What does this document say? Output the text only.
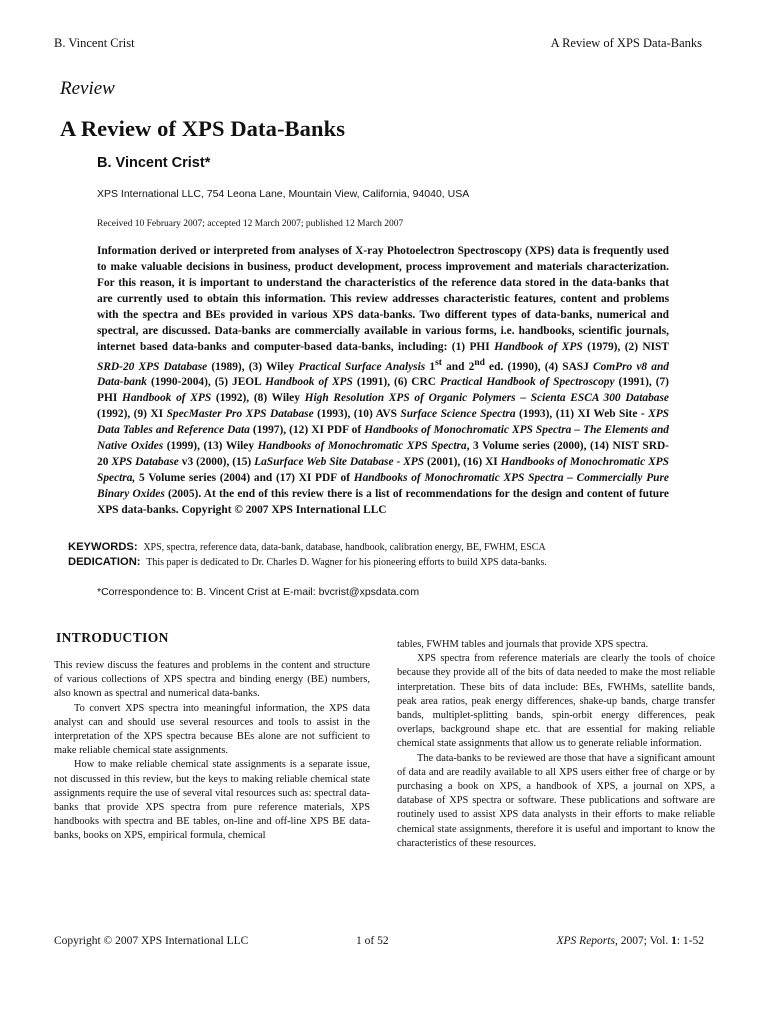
B. Vincent Crist	A Review of XPS Data-Banks
Review
A Review of XPS Data-Banks
B. Vincent Crist*
XPS International LLC, 754 Leona Lane, Mountain View, California, 94040, USA
Received 10 February 2007; accepted 12 March 2007; published 12 March 2007
Information derived or interpreted from analyses of X-ray Photoelectron Spectroscopy (XPS) data is frequently used to make valuable decisions in business, product development, process improvement and materials characterization. For this reason, it is important to understand the characteristics of the reference data stored in the data-banks that are currently used to obtain this information. This review addresses characteristic features, content and problems with the spectra and BEs provided in various XPS data-banks. Two different types of data-banks, numerical and spectral, are discussed. Data-banks are commercially available in various forms, i.e. handbooks, scientific journals, internet based data-banks and computer-based data-banks, including: (1) PHI Handbook of XPS (1979), (2) NIST SRD-20 XPS Database (1989), (3) Wiley Practical Surface Analysis 1st and 2nd ed. (1990), (4) SASJ ComPro v8 and Data-bank (1990-2004), (5) JEOL Handbook of XPS (1991), (6) CRC Practical Handbook of Spectroscopy (1991), (7) PHI Handbook of XPS (1992), (8) Wiley High Resolution XPS of Organic Polymers – Scienta ESCA 300 Database (1992), (9) XI SpecMaster Pro XPS Database (1993), (10) AVS Surface Science Spectra (1993), (11) XI Web Site - XPS Data Tables and Reference Data (1997), (12) XI PDF of Handbooks of Monochromatic XPS Spectra – The Elements and Native Oxides (1999), (13) Wiley Handbooks of Monochromatic XPS Spectra, 3 Volume series (2000), (14) NIST SRD-20 XPS Database v3 (2000), (15) LaSurface Web Site Database - XPS (2001), (16) XI Handbooks of Monochromatic XPS Spectra, 5 Volume series (2004) and (17) XI PDF of Handbooks of Monochromatic XPS Spectra – Commercially Pure Binary Oxides (2005). At the end of this review there is a list of recommendations for the design and content of future XPS data-banks. Copyright © 2007 XPS International LLC
KEYWORDS: XPS, spectra, reference data, data-bank, database, handbook, calibration energy, BE, FWHM, ESCA
DEDICATION: This paper is dedicated to Dr. Charles D. Wagner for his pioneering efforts to build XPS data-banks.
*Correspondence to: B. Vincent Crist at E-mail: bvcrist@xpsdata.com
INTRODUCTION

This review discuss the features and problems in the content and structure of various collections of XPS spectra and binding energy (BE) numbers, also known as spectral and numerical data-banks.

To convert XPS spectra into meaningful information, the XPS data analyst can and should use several resources and tools to assist in the interpretation of the XPS spectra because BEs alone are not sufficient to make reliable chemical state assignments.

How to make reliable chemical state assignments is a separate issue, not discussed in this review, but the keys to making reliable chemical state assignments require the use of several vital resources such as: spectral data-banks that provide XPS spectra from pure reference materials, XPS handbooks with spectra and BE tables, on-line and off-line XPS BE data-banks, books on XPS, empirical formula, chemical

tables, FWHM tables and journals that provide XPS spectra.

XPS spectra from reference materials are clearly the tools of choice because they provide all of the bits of data needed to make the most reliable interpretation. These bits of data include: BEs, FWHMs, satellite bands, peak area ratios, peak energy differences, shake-up bands, charge transfer bands, multiplet-splitting bands, spin-orbit energy differences, peak overlaps, background shape etc. that are essential for making reliable chemical state assignments that allow us to generate reliable information.

The data-banks to be reviewed are those that have a significant amount of data and are readily available to all XPS users either free of charge or by purchasing a book on XPS, a handbook of XPS, a journal on XPS, a database of XPS spectra or software. These publications and software are routinely used to assist XPS data analysts in their efforts to make reliable chemical state assignments, therefore it is useful and important to know the characteristics of these resources.

Copyright © 2007 XPS International LLC	1 of 52	XPS Reports, 2007; Vol. 1: 1-52
